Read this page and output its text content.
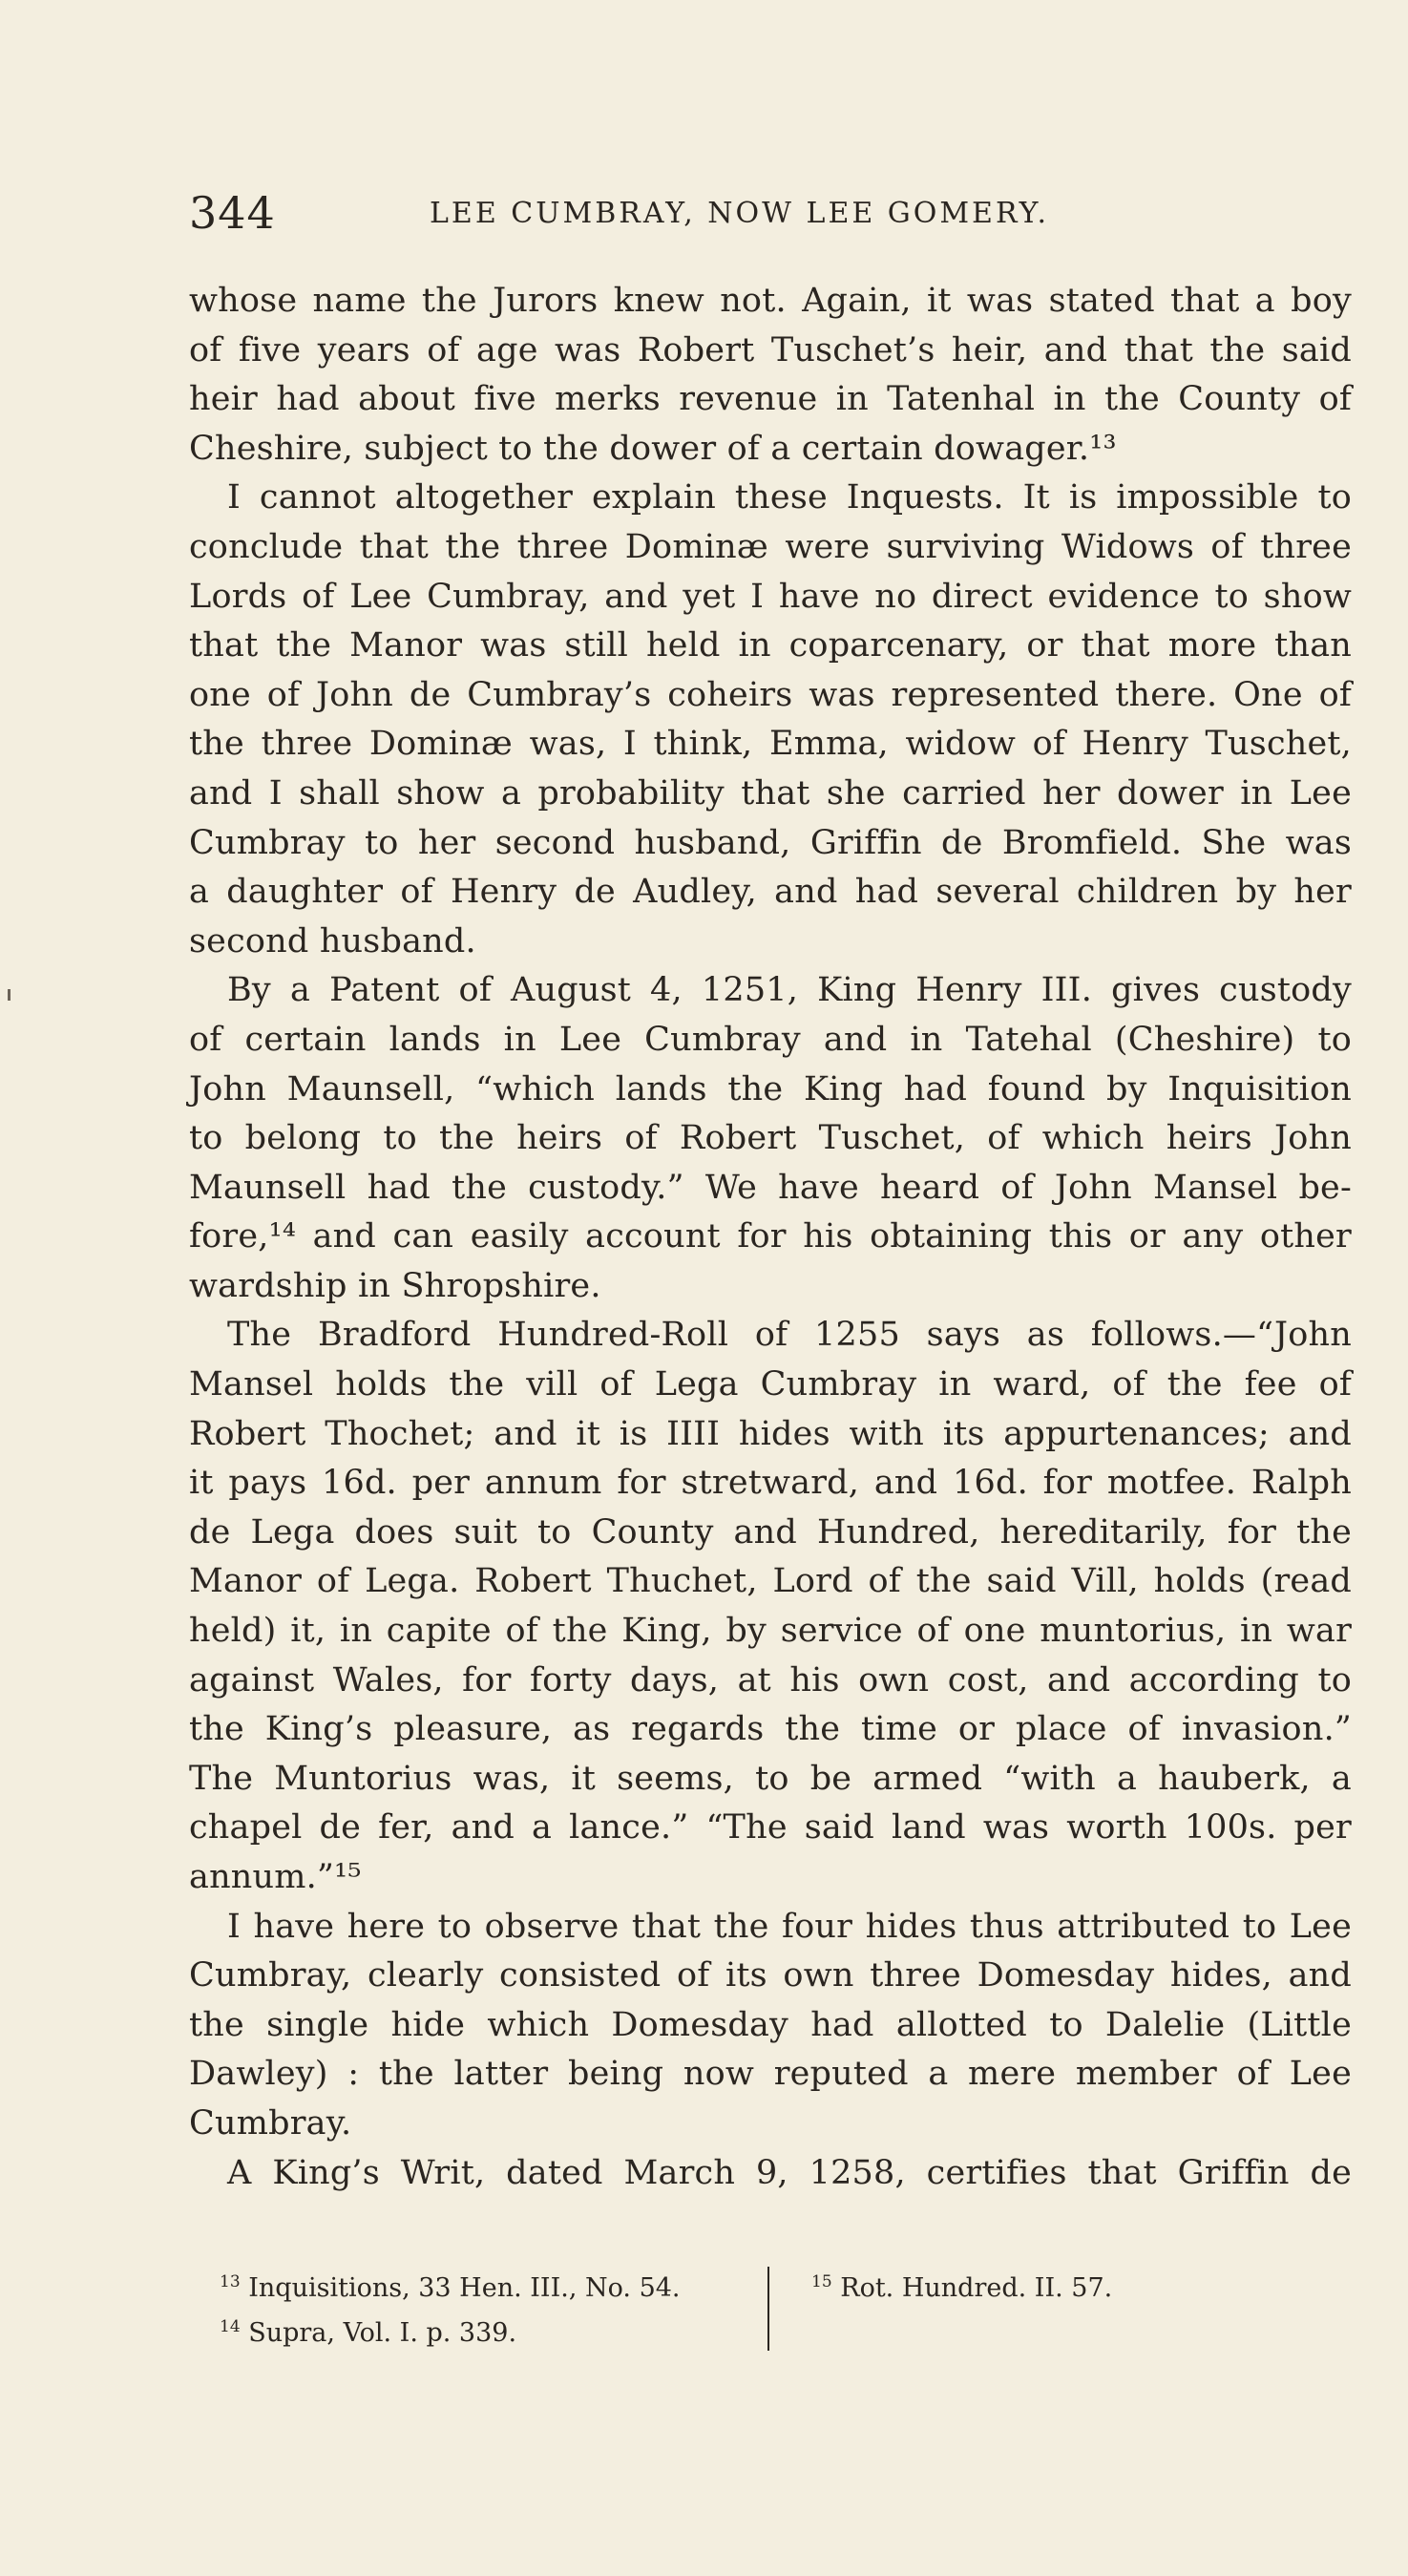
344	LEE CUMBRAY, NOW LEE GOMERY.
whose name the Jurors knew not. Again, it was stated that a boy
of five years of age was Robert Tuschet’s heir, and that the said
heir had about five merks revenue in Tatenhal in the County of
Cheshire, subject to the dower of a certain dowager.¹³
I cannot altogether explain these Inquests. It is impossible to
conclude that the three Dominæ were surviving Widows of three
Lords of Lee Cumbray, and yet I have no direct evidence to show
that the Manor was still held in coparcenary, or that more than
one of John de Cumbray’s coheirs was represented there. One of
the three Dominæ was, I think, Emma, widow of Henry Tuschet,
and I shall show a probability that she carried her dower in Lee
Cumbray to her second husband, Griffin de Bromfield. She was
a daughter of Henry de Audley, and had several children by her
second husband.
By a Patent of August 4, 1251, King Henry III. gives custody
of certain lands in Lee Cumbray and in Tatehal (Cheshire) to
John Maunsell, “which lands the King had found by Inquisition
to belong to the heirs of Robert Tuschet, of which heirs John
Maunsell had the custody.” We have heard of John Mansel be-
fore,¹⁴ and can easily account for his obtaining this or any other
wardship in Shropshire.
The Bradford Hundred-Roll of 1255 says as follows.—“John
Mansel holds the vill of Lega Cumbray in ward, of the fee of
Robert Thochet; and it is IIII hides with its appurtenances; and
it pays 16d. per annum for stretward, and 16d. for motfee. Ralph
de Lega does suit to County and Hundred, hereditarily, for the
Manor of Lega. Robert Thuchet, Lord of the said Vill, holds (read
held) it, in capite of the King, by service of one muntorius, in war
against Wales, for forty days, at his own cost, and according to
the King’s pleasure, as regards the time or place of invasion.”
The Muntorius was, it seems, to be armed “with a hauberk, a
chapel de fer, and a lance.” “The said land was worth 100s. per
annum.”¹⁵
I have here to observe that the four hides thus attributed to Lee
Cumbray, clearly consisted of its own three Domesday hides, and
the single hide which Domesday had allotted to Dalelie (Little
Dawley) : the latter being now reputed a mere member of Lee
Cumbray.
A King’s Writ, dated March 9, 1258, certifies that Griffin de
$^{13}$ Inquisitions, 33 Hen. III., No. 54.
$^{14}$ Supra, Vol. I. p. 339.
$^{15}$ Rot. Hundred. II. 57.
